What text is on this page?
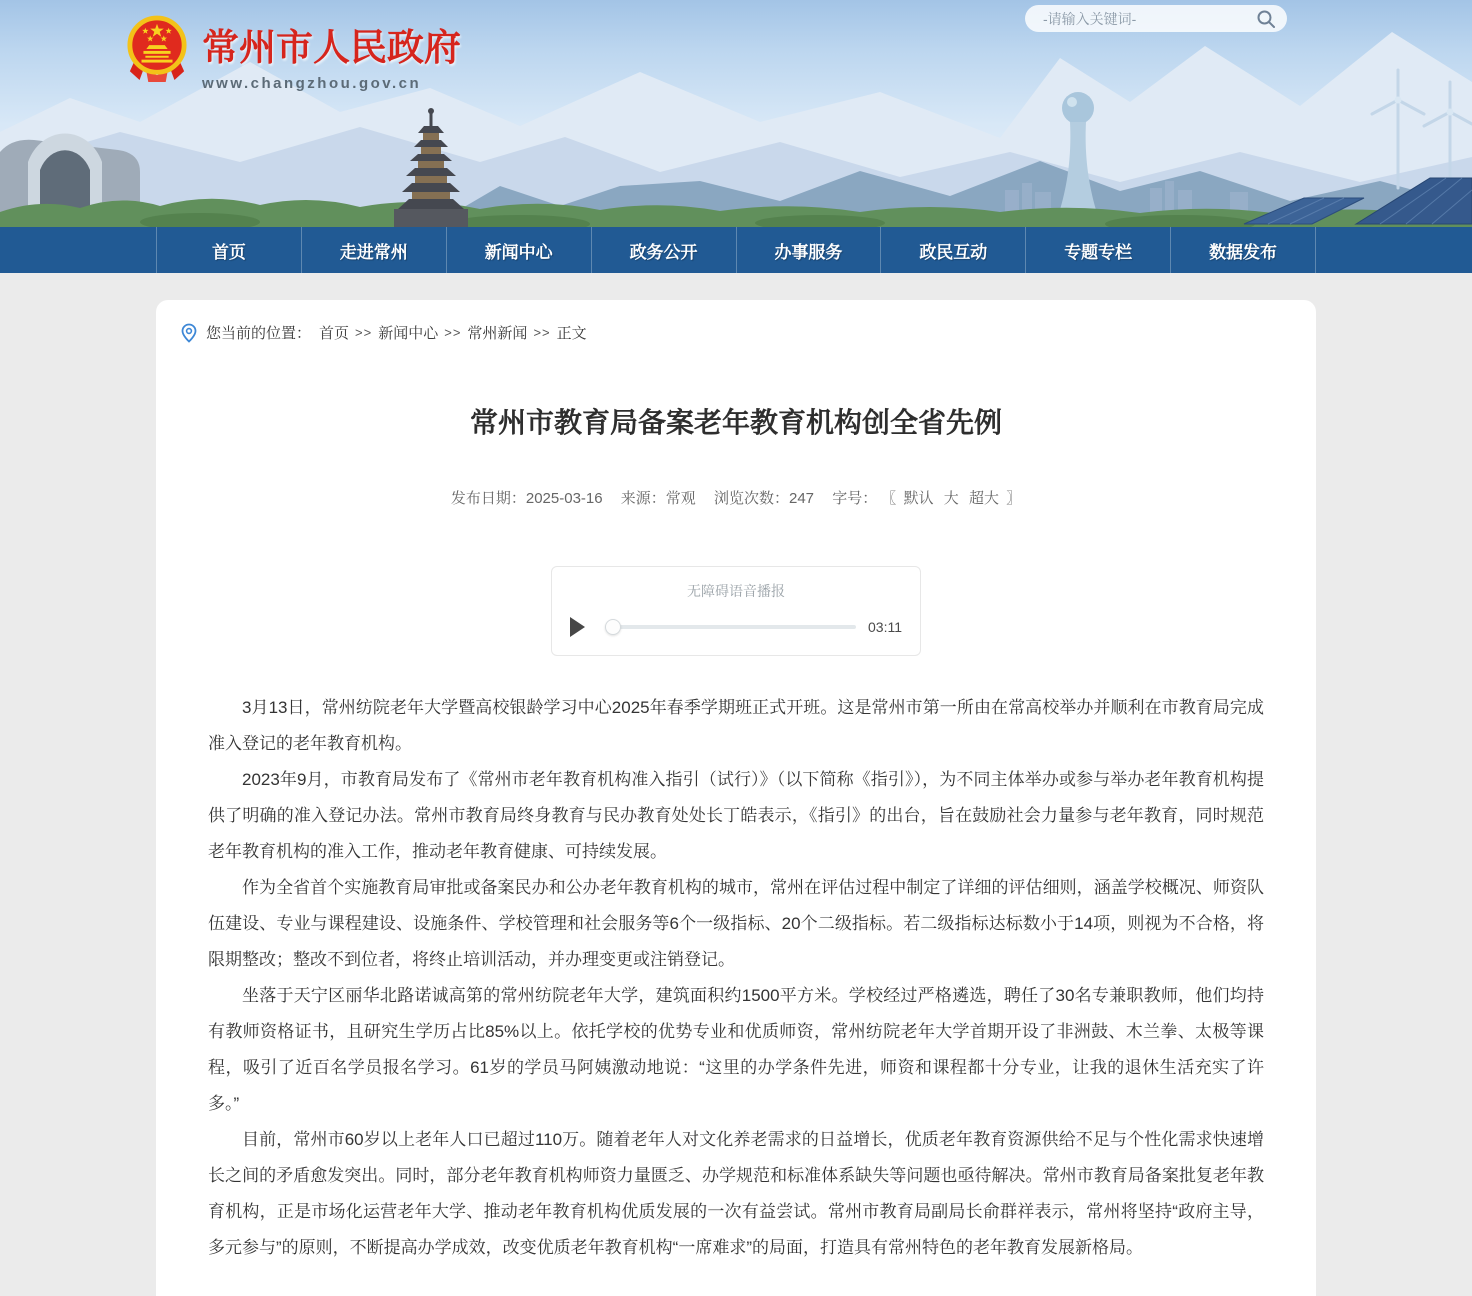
常州市人民政府
www.changzhou.gov.cn
-请输入关键词-
首页	走进常州	新闻中心	政务公开	办事服务	政民互动	专题专栏	数据发布
您当前的位置： 首页 >> 新闻中心 >> 常州新闻 >> 正文
常州市教育局备案老年教育机构创全省先例
发布日期：2025-03-16 来源：常观 浏览次数：247 字号： 〖 默认 大 超大 〗
无障碍语音播报
03:11

3月13日，常州纺院老年大学暨高校银龄学习中心2025年春季学期班正式开班。这是常州市第一所由在常高校举办并顺利在市教育局完成准入登记的老年教育机构。

2023年9月，市教育局发布了《常州市老年教育机构准入指引（试行）》（以下简称《指引》），为不同主体举办或参与举办老年教育机构提供了明确的准入登记办法。常州市教育局终身教育与民办教育处处长丁皓表示，《指引》的出台，旨在鼓励社会力量参与老年教育，同时规范老年教育机构的准入工作，推动老年教育健康、可持续发展。

作为全省首个实施教育局审批或备案民办和公办老年教育机构的城市，常州在评估过程中制定了详细的评估细则，涵盖学校概况、师资队伍建设、专业与课程建设、设施条件、学校管理和社会服务等6个一级指标、20个二级指标。若二级指标达标数小于14项，则视为不合格，将限期整改；整改不到位者，将终止培训活动，并办理变更或注销登记。

坐落于天宁区丽华北路诺诚高第的常州纺院老年大学，建筑面积约1500平方米。学校经过严格遴选，聘任了30名专兼职教师，他们均持有教师资格证书，且研究生学历占比85%以上。依托学校的优势专业和优质师资，常州纺院老年大学首期开设了非洲鼓、木兰拳、太极等课程，吸引了近百名学员报名学习。61岁的学员马阿姨激动地说：“这里的办学条件先进，师资和课程都十分专业，让我的退休生活充实了许多。”

目前，常州市60岁以上老年人口已超过110万。随着老年人对文化养老需求的日益增长，优质老年教育资源供给不足与个性化需求快速增长之间的矛盾愈发突出。同时，部分老年教育机构师资力量匮乏、办学规范和标准体系缺失等问题也亟待解决。常州市教育局备案批复老年教育机构，正是市场化运营老年大学、推动老年教育机构优质发展的一次有益尝试。常州市教育局副局长俞群祥表示，常州将坚持“政府主导，多元参与”的原则，不断提高办学成效，改变优质老年教育机构“一席难求”的局面，打造具有常州特色的老年教育发展新格局。
